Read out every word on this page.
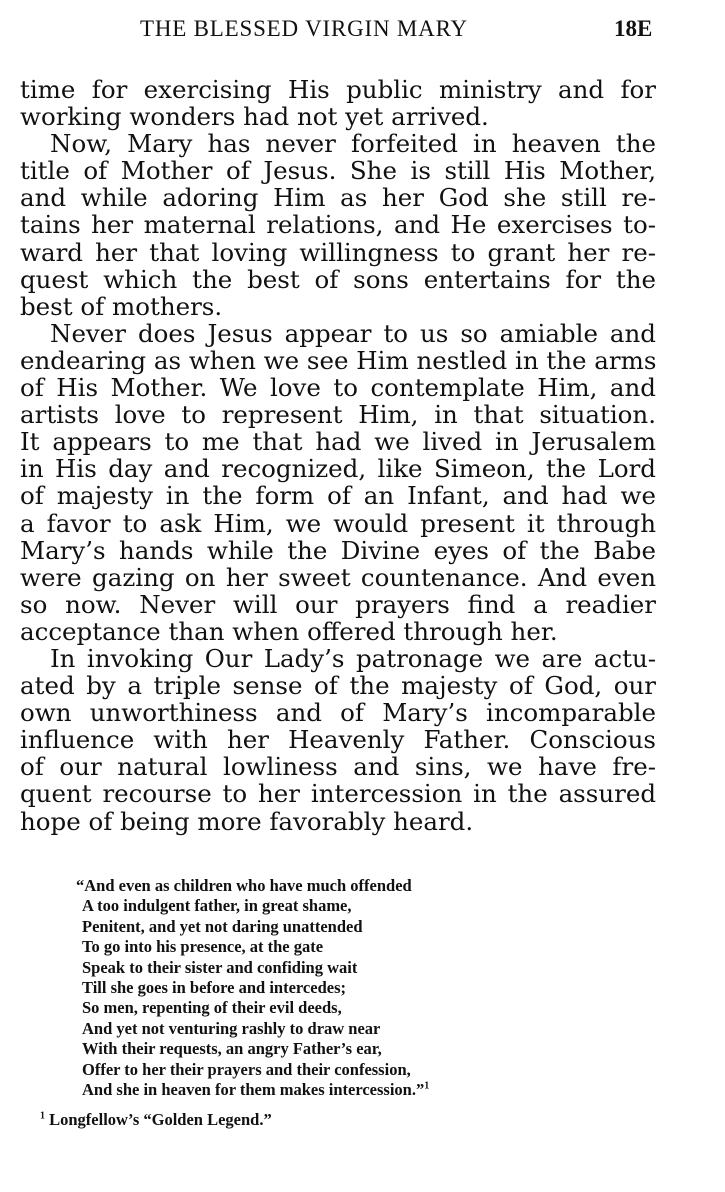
THE BLESSED VIRGIN MARY	18E
time for exercising His public ministry and for
working wonders had not yet arrived.
Now, Mary has never forfeited in heaven the
title of Mother of Jesus. She is still His Mother,
and while adoring Him as her God she still re-
tains her maternal relations, and He exercises to-
ward her that loving willingness to grant her re-
quest which the best of sons entertains for the
best of mothers.
Never does Jesus appear to us so amiable and
endearing as when we see Him nestled in the arms
of His Mother. We love to contemplate Him, and
artists love to represent Him, in that situation.
It appears to me that had we lived in Jerusalem
in His day and recognized, like Simeon, the Lord
of majesty in the form of an Infant, and had we
a favor to ask Him, we would present it through
Mary’s hands while the Divine eyes of the Babe
were gazing on her sweet countenance. And even
so now. Never will our prayers find a readier
acceptance than when offered through her.
In invoking Our Lady’s patronage we are actu-
ated by a triple sense of the majesty of God, our
own unworthiness and of Mary’s incomparable
influence with her Heavenly Father. Conscious
of our natural lowliness and sins, we have fre-
quent recourse to her intercession in the assured
hope of being more favorably heard.
“And even as children who have much offended
A too indulgent father, in great shame,
Penitent, and yet not daring unattended
To go into his presence, at the gate
Speak to their sister and confiding wait
Till she goes in before and intercedes;
So men, repenting of their evil deeds,
And yet not venturing rashly to draw near
With their requests, an angry Father’s ear,
Offer to her their prayers and their confession,
And she in heaven for them makes intercession.”$^1$
$^1$ Longfellow’s “Golden Legend.”
